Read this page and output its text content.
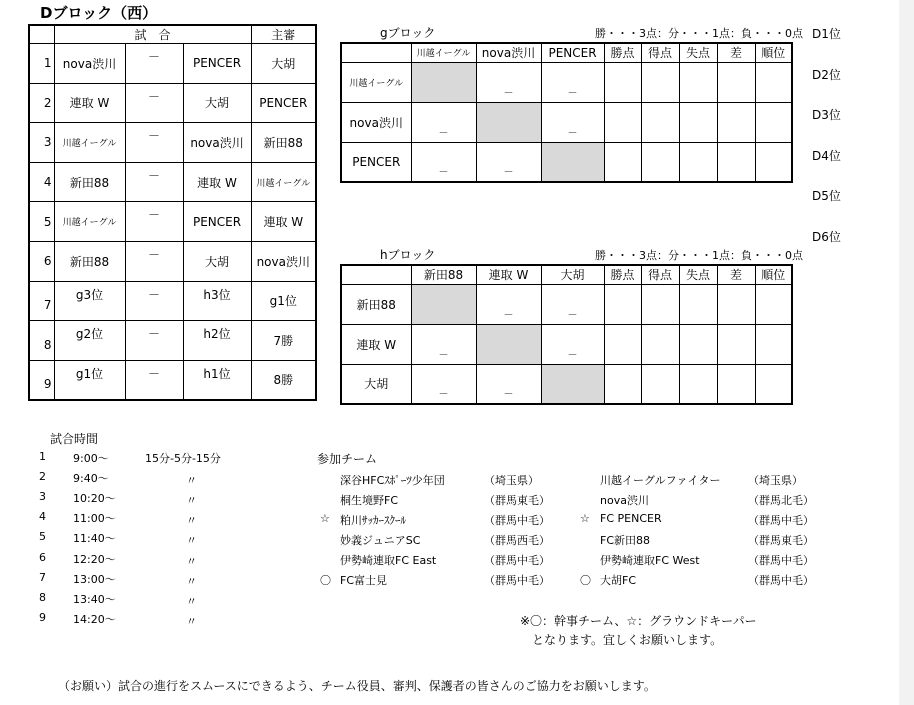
Dブロック（西）
	試　合			主審
1	nova渋川	－	PENCER	大胡
2	連取 W	－	大胡	PENCER
3	川越イーグル	－	nova渋川	新田88
4	新田88	－	連取 W	川越イーグル
5	川越イーグル	－	PENCER	連取 W
6	新田88	－	大胡	nova渋川
7	g3位	－	h3位	g1位
8	g2位	－	h2位	7勝
9	g1位	－	h1位	8勝
gブロック	勝・・・3点：分・・・1点：負・・・0点
	川越イーグル	nova渋川	PENCER	勝点	得点	失点	差	順位
川越イーグル		－	－					
nova渋川	－		－					
PENCER	－	－						
hブロック	勝・・・3点：分・・・1点：負・・・0点
	新田88	連取 W	大胡	勝点	得点	失点	差	順位
新田88		－	－					
連取 W	－		－					
大胡	－	－						
D1位
D2位
D3位
D4位
D5位
D6位
試合時間
1 9:00～	15分-5分-15分
2 9:40～	〃
3 10:20～	〃
4 11:00～	〃
5 11:40～	〃
6 12:20～	〃
7 13:00～	〃
8 13:40～	〃
9 14:20～	〃
参加チーム
深谷HFCｽﾎﾟｰﾂ少年団	（埼玉県）	川越イーグルファイター	（埼玉県）
桐生境野FC	（群馬東毛）	nova渋川	（群馬北毛）
☆ 粕川ｻｯｶｰｽｸｰﾙ	（群馬中毛）	☆ FC PENCER	（群馬中毛）
妙義ジュニアSC	（群馬西毛）	FC新田88	（群馬東毛）
伊勢崎連取FC East	（群馬中毛）	伊勢崎連取FC West	（群馬中毛）
〇 FC富士見	（群馬中毛）	〇 大胡FC	（群馬中毛）
※〇：幹事チーム、☆：グラウンドキーパー
となります。宜しくお願いします。
（お願い）試合の進行をスムースにできるよう、チーム役員、審判、保護者の皆さんのご協力をお願いします。
